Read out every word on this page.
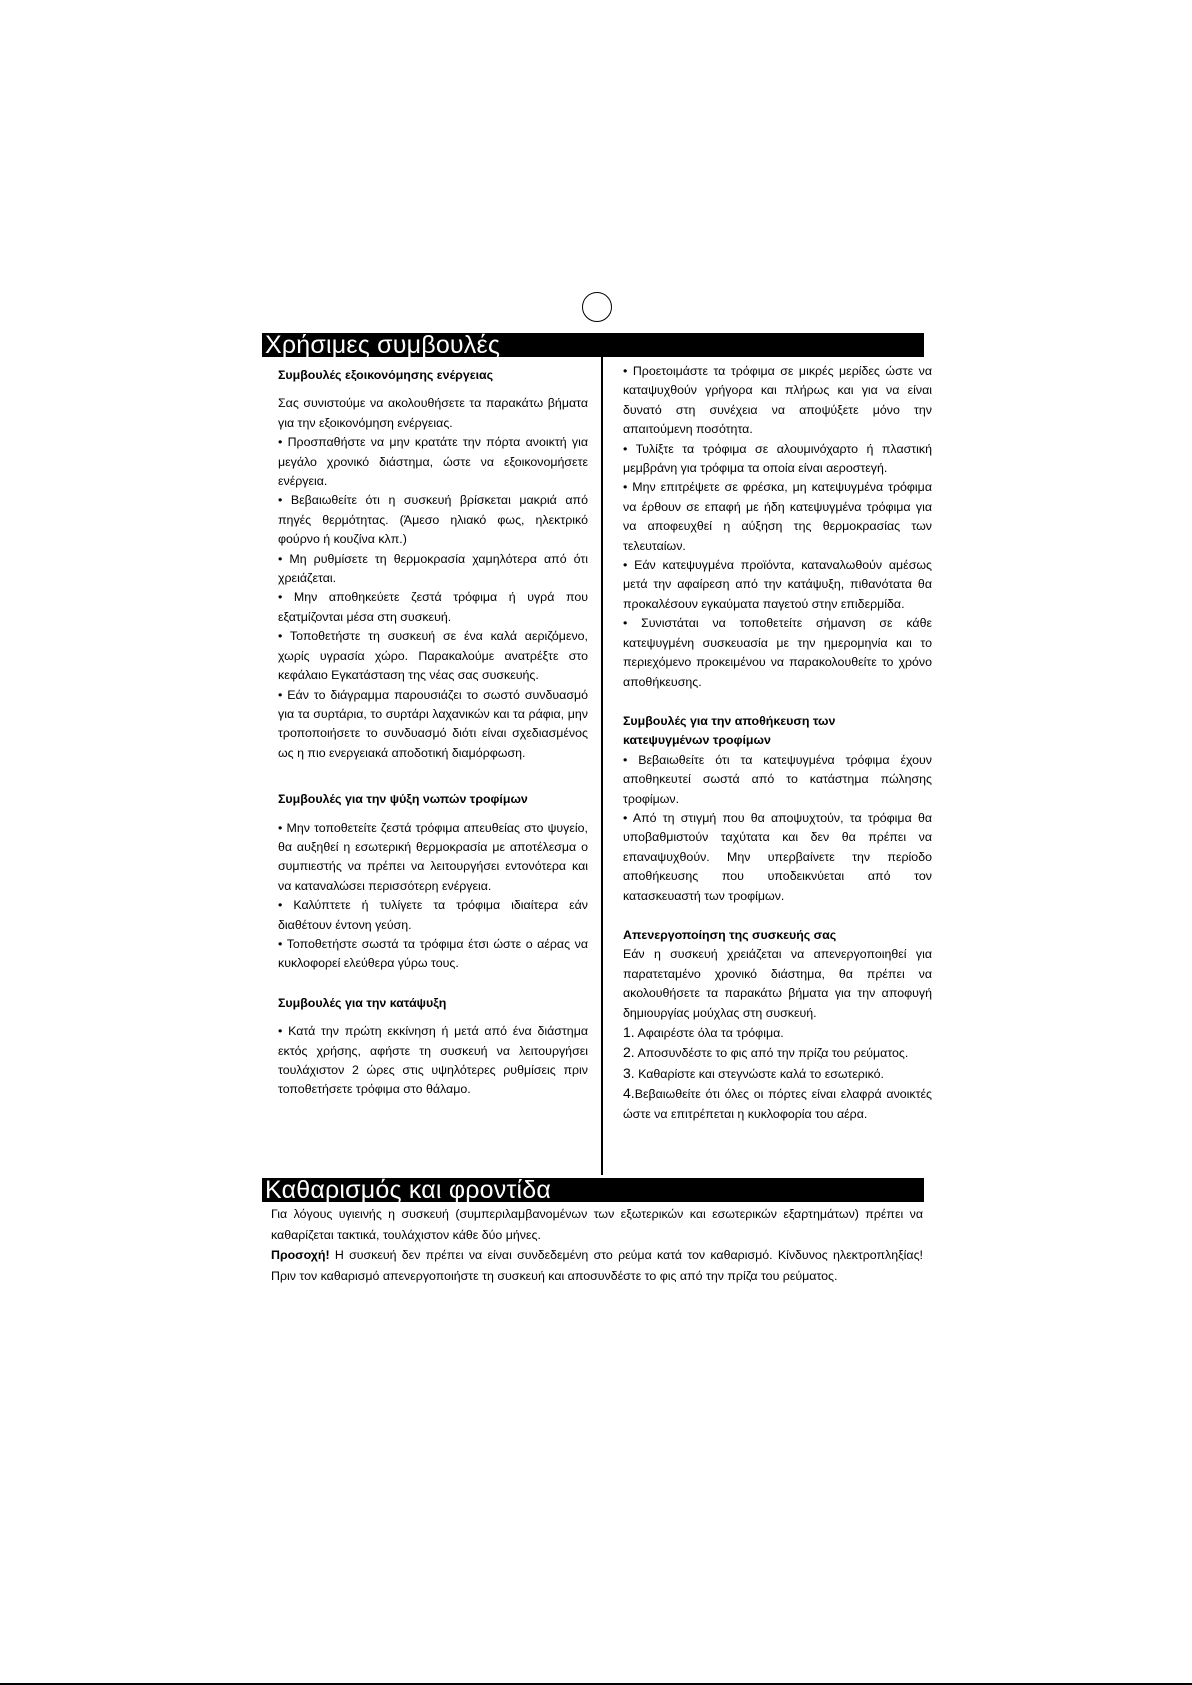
Χρήσιμες συμβουλές

Συμβουλές εξοικονόμησης ενέργειας

Σας συνιστούμε να ακολουθήσετε τα παρακάτω βήματα για την εξοικονόμηση ενέργειας.

• Προσπαθήστε να μην κρατάτε την πόρτα ανοικτή για μεγάλο χρονικό διάστημα, ώστε να εξοικονομήσετε ενέργεια.

• Βεβαιωθείτε ότι η συσκευή βρίσκεται μακριά από πηγές θερμότητας. (Άμεσο ηλιακό φως, ηλεκτρικό φούρνο ή κουζίνα κλπ.)

• Μη ρυθμίσετε τη θερμοκρασία χαμηλότερα από ότι χρειάζεται.

• Μην αποθηκεύετε ζεστά τρόφιμα ή υγρά που εξατμίζονται μέσα στη συσκευή.

• Τοποθετήστε τη συσκευή σε ένα καλά αεριζόμενο, χωρίς υγρασία χώρο. Παρακαλούμε ανατρέξτε στο κεφάλαιο Εγκατάσταση της νέας σας συσκευής.

• Εάν το διάγραμμα παρουσιάζει το σωστό συνδυασμό για τα συρτάρια, το συρτάρι λαχανικών και τα ράφια, μην τροποποιήσετε το συνδυασμό διότι είναι σχεδιασμένος ως η πιο ενεργειακά αποδοτική διαμόρφωση.

Συμβουλές για την ψύξη νωπών τροφίμων

• Μην τοποθετείτε ζεστά τρόφιμα απευθείας στο ψυγείο, θα αυξηθεί η εσωτερική θερμοκρασία με αποτέλεσμα ο συμπιεστής να πρέπει να λειτουργήσει εντονότερα και να καταναλώσει περισσότερη ενέργεια.

• Καλύπτετε ή τυλίγετε τα τρόφιμα ιδιαίτερα εάν διαθέτουν έντονη γεύση.

• Τοποθετήστε σωστά τα τρόφιμα έτσι ώστε ο αέρας να κυκλοφορεί ελεύθερα γύρω τους.

Συμβουλές για την κατάψυξη

• Κατά την πρώτη εκκίνηση ή μετά από ένα διάστημα εκτός χρήσης, αφήστε τη συσκευή να λειτουργήσει τουλάχιστον 2 ώρες στις υψηλότερες ρυθμίσεις πριν τοποθετήσετε τρόφιμα στο θάλαμο.

• Προετοιμάστε τα τρόφιμα σε μικρές μερίδες ώστε να καταψυχθούν γρήγορα και πλήρως και για να είναι δυνατό στη συνέχεια να αποψύξετε μόνο την απαιτούμενη ποσότητα.

• Τυλίξτε τα τρόφιμα σε αλουμινόχαρτο ή πλαστική μεμβράνη για τρόφιμα τα οποία είναι αεροστεγή.

• Μην επιτρέψετε σε φρέσκα, μη κατεψυγμένα τρόφιμα να έρθουν σε επαφή με ήδη κατεψυγμένα τρόφιμα για να αποφευχθεί η αύξηση της θερμοκρασίας των τελευταίων.

• Εάν κατεψυγμένα προϊόντα, καταναλωθούν αμέσως μετά την αφαίρεση από την κατάψυξη, πιθανότατα θα προκαλέσουν εγκαύματα παγετού στην επιδερμίδα.

• Συνιστάται να τοποθετείτε σήμανση σε κάθε κατεψυγμένη συσκευασία με την ημερομηνία και το περιεχόμενο προκειμένου να παρακολουθείτε το χρόνο αποθήκευσης.

Συμβουλές για την αποθήκευση των
κατεψυγμένων τροφίμων

• Βεβαιωθείτε ότι τα κατεψυγμένα τρόφιμα έχουν αποθηκευτεί σωστά από το κατάστημα πώλησης τροφίμων.

• Από τη στιγμή που θα αποψυχτούν, τα τρόφιμα θα υποβαθμιστούν ταχύτατα και δεν θα πρέπει να επαναψυχθούν. Μην υπερβαίνετε την περίοδο αποθήκευσης που υποδεικνύεται από τον κατασκευαστή των τροφίμων.

Απενεργοποίηση της συσκευής σας

Εάν η συσκευή χρειάζεται να απενεργοποιηθεί για παρατεταμένο χρονικό διάστημα, θα πρέπει να ακολουθήσετε τα παρακάτω βήματα για την αποφυγή δημιουργίας μούχλας στη συσκευή.

1. Αφαιρέστε όλα τα τρόφιμα.

2. Αποσυνδέστε το φις από την πρίζα του ρεύματος.

3. Καθαρίστε και στεγνώστε καλά το εσωτερικό.

4.Βεβαιωθείτε ότι όλες οι πόρτες είναι ελαφρά ανοικτές ώστε να επιτρέπεται η κυκλοφορία του αέρα.

Καθαρισμός και φροντίδα

Για λόγους υγιεινής η συσκευή (συμπεριλαμβανομένων των εξωτερικών και εσωτερικών εξαρτημάτων) πρέπει να καθαρίζεται τακτικά, τουλάχιστον κάθε δύο μήνες.

Προσοχή! Η συσκευή δεν πρέπει να είναι συνδεδεμένη στο ρεύμα κατά τον καθαρισμό. Κίνδυνος ηλεκτροπληξίας! Πριν τον καθαρισμό απενεργοποιήστε τη συσκευή και αποσυνδέστε το φις από την πρίζα του ρεύματος.
